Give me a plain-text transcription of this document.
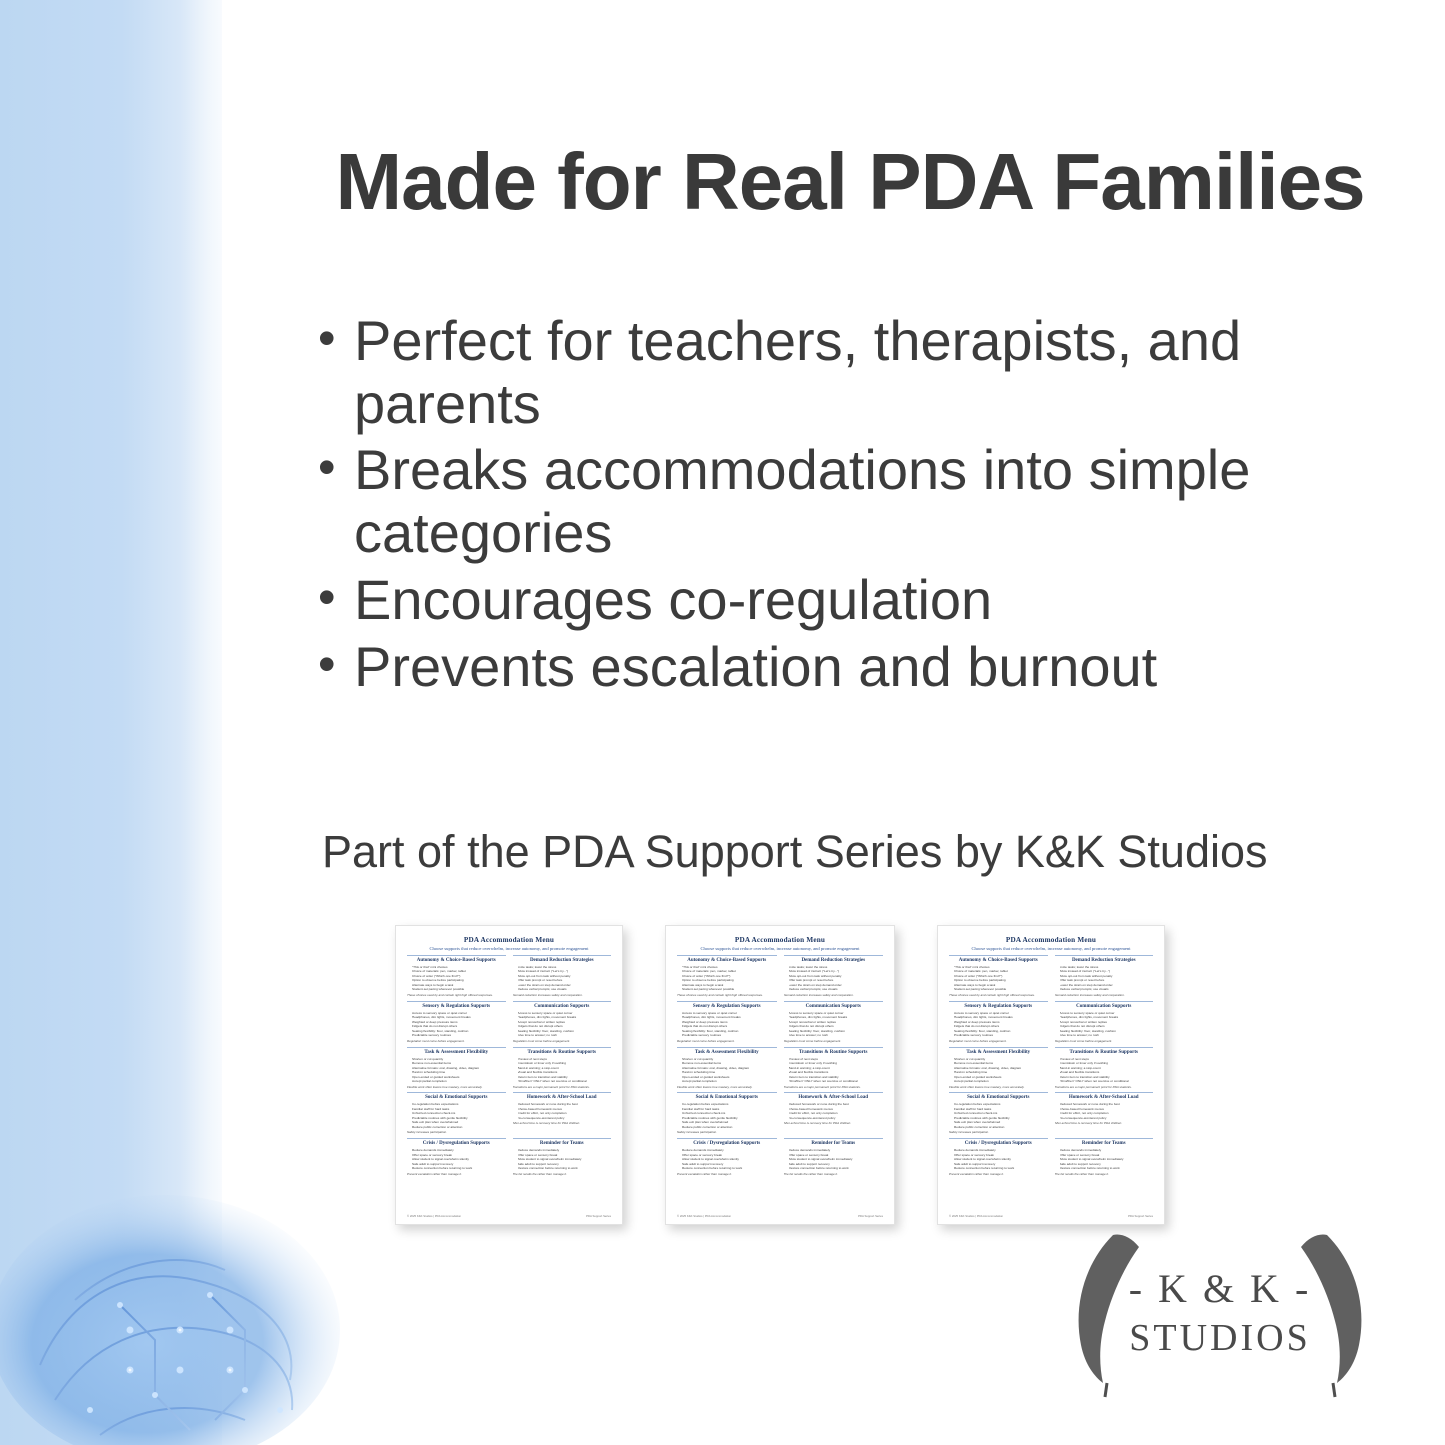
Made for Real PDA Families
• Perfect for teachers, therapists, and parents
• Breaks accommodations into simple categories
• Encourages co-regulation
• Prevents escalation and burnout
Part of the PDA Support Series by K&K Studios
PDA Accommodation Menu
Choose supports that reduce overwhelm, increase autonomy, and promote engagement
Autonomy & Choice-Based Supports
• "This or that" mini choices
• Choice of materials: pen, marker, tablet
• Choice of order ("Which one first?")
• Option to observe before participating
• Alternate ways to begin a task
• Student-set pacing whenever possible
These choices used by and contain right high offered responses.
Demand Reduction Strategies
• Invite tasks; lower the stress
• Allow instead of instruct ("Let's try...")
• Allow opt-out from task without penalty
• Offer task prompt or reset before
• Lower the strain on step demand order
• Reduce verbal prompts; use visuals
Demand reduction increases safety and cooperation.
Sensory & Regulation Supports
• Access to sensory space or quiet corner
• Headphones, dim lights, movement breaks
• Weighted or deep pressure items
• Fidgets that do not disrupt others
• Seating flexibility: floor, standing, cushion
• Predictable sensory routines
Regulation must come before engagement.
Communication Supports
• Access to sensory space or quiet corner
• Headphones, dim lights, movement breaks
• Accept nonverbal or written replies
• Fidgets that do not disrupt others
• Seating flexibility: floor, standing, cushion
• Give time to answer; no rush
Regulation must come before engagement.
Task & Assessment Flexibility
• Shorten or cut quantity
• Remove non-essential items
• Alternative formats: oral, drawing, video, diagram
• Hand-in scheduling time
• Open-ended or guided worksheets
• Accept partial completion
Flexible work often lowers true mastery, more accurately.
Transitions & Routine Supports
• Preview of next steps
• Countdown or timer only if soothing
• Band-in warning; a stop-count
• Visual and flexible transitions
• Return item to transition and stability
• "First/then" ONLY when not coercive or conditional
Transitions are a major permanent point for PDA students.
Social & Emotional Supports
• Co-regulation before expectations
• Familiar staff for hard tasks
• Unhurried connection check-ins
• Predictable routines with gentle flexibility
• Safe exit plan when overwhelmed
• Reduce public correction or attention
Safety increases participation.
Homework & After-School Load
• Reduced homework or none during the best
• Choice-based homework menus
• Credit for effort, not only completion
• No-consequence-at-interest policy
After-school time is recovery time for PDA children.
Crisis / Dysregulation Supports
• Reduce demands immediately
• Offer space or sensory break
• Allow student to signal overwhelm silently
• Safe adult to support recovery
• Restore connection before returning to work
Prevent escalation rather than manage it.
Reminder for Teams
• Reduce demands immediately
• Offer space or sensory break
• Allow student to signal overwhelm immediately
• Safe adult to support recovery
• Restore connection before returning to work
The list recalls the rather than manage it.
© 2025 K&K Studios | PDA Accommodation	PDA Support Series
PDA Accommodation Menu
Choose supports that reduce overwhelm, increase autonomy, and promote engagement
Autonomy & Choice-Based Supports
• "This or that" mini choices
• Choice of materials: pen, marker, tablet
• Choice of order ("Which one first?")
• Option to observe before participating
• Alternate ways to begin a task
• Student-set pacing whenever possible
These choices used by and contain right high offered responses.
Demand Reduction Strategies
• Invite tasks; lower the stress
• Allow instead of instruct ("Let's try...")
• Allow opt-out from task without penalty
• Offer task prompt or reset before
• Lower the strain on step demand order
• Reduce verbal prompts; use visuals
Demand reduction increases safety and cooperation.
Sensory & Regulation Supports
• Access to sensory space or quiet corner
• Headphones, dim lights, movement breaks
• Weighted or deep pressure items
• Fidgets that do not disrupt others
• Seating flexibility: floor, standing, cushion
• Predictable sensory routines
Regulation must come before engagement.
Communication Supports
• Access to sensory space or quiet corner
• Headphones, dim lights, movement breaks
• Accept nonverbal or written replies
• Fidgets that do not disrupt others
• Seating flexibility: floor, standing, cushion
• Give time to answer; no rush
Regulation must come before engagement.
Task & Assessment Flexibility
• Shorten or cut quantity
• Remove non-essential items
• Alternative formats: oral, drawing, video, diagram
• Hand-in scheduling time
• Open-ended or guided worksheets
• Accept partial completion
Flexible work often lowers true mastery, more accurately.
Transitions & Routine Supports
• Preview of next steps
• Countdown or timer only if soothing
• Band-in warning; a stop-count
• Visual and flexible transitions
• Return item to transition and stability
• "First/then" ONLY when not coercive or conditional
Transitions are a major permanent point for PDA students.
Social & Emotional Supports
• Co-regulation before expectations
• Familiar staff for hard tasks
• Unhurried connection check-ins
• Predictable routines with gentle flexibility
• Safe exit plan when overwhelmed
• Reduce public correction or attention
Safety increases participation.
Homework & After-School Load
• Reduced homework or none during the best
• Choice-based homework menus
• Credit for effort, not only completion
• No-consequence-at-interest policy
After-school time is recovery time for PDA children.
Crisis / Dysregulation Supports
• Reduce demands immediately
• Offer space or sensory break
• Allow student to signal overwhelm silently
• Safe adult to support recovery
• Restore connection before returning to work
Prevent escalation rather than manage it.
Reminder for Teams
• Reduce demands immediately
• Offer space or sensory break
• Allow student to signal overwhelm immediately
• Safe adult to support recovery
• Restore connection before returning to work
The list recalls the rather than manage it.
© 2025 K&K Studios | PDA Accommodation	PDA Support Series
PDA Accommodation Menu
Choose supports that reduce overwhelm, increase autonomy, and promote engagement
Autonomy & Choice-Based Supports
• "This or that" mini choices
• Choice of materials: pen, marker, tablet
• Choice of order ("Which one first?")
• Option to observe before participating
• Alternate ways to begin a task
• Student-set pacing whenever possible
These choices used by and contain right high offered responses.
Demand Reduction Strategies
• Invite tasks; lower the stress
• Allow instead of instruct ("Let's try...")
• Allow opt-out from task without penalty
• Offer task prompt or reset before
• Lower the strain on step demand order
• Reduce verbal prompts; use visuals
Demand reduction increases safety and cooperation.
Sensory & Regulation Supports
• Access to sensory space or quiet corner
• Headphones, dim lights, movement breaks
• Weighted or deep pressure items
• Fidgets that do not disrupt others
• Seating flexibility: floor, standing, cushion
• Predictable sensory routines
Regulation must come before engagement.
Communication Supports
• Access to sensory space or quiet corner
• Headphones, dim lights, movement breaks
• Accept nonverbal or written replies
• Fidgets that do not disrupt others
• Seating flexibility: floor, standing, cushion
• Give time to answer; no rush
Regulation must come before engagement.
Task & Assessment Flexibility
• Shorten or cut quantity
• Remove non-essential items
• Alternative formats: oral, drawing, video, diagram
• Hand-in scheduling time
• Open-ended or guided worksheets
• Accept partial completion
Flexible work often lowers true mastery, more accurately.
Transitions & Routine Supports
• Preview of next steps
• Countdown or timer only if soothing
• Band-in warning; a stop-count
• Visual and flexible transitions
• Return item to transition and stability
• "First/then" ONLY when not coercive or conditional
Transitions are a major permanent point for PDA students.
Social & Emotional Supports
• Co-regulation before expectations
• Familiar staff for hard tasks
• Unhurried connection check-ins
• Predictable routines with gentle flexibility
• Safe exit plan when overwhelmed
• Reduce public correction or attention
Safety increases participation.
Homework & After-School Load
• Reduced homework or none during the best
• Choice-based homework menus
• Credit for effort, not only completion
• No-consequence-at-interest policy
After-school time is recovery time for PDA children.
Crisis / Dysregulation Supports
• Reduce demands immediately
• Offer space or sensory break
• Allow student to signal overwhelm silently
• Safe adult to support recovery
• Restore connection before returning to work
Prevent escalation rather than manage it.
Reminder for Teams
• Reduce demands immediately
• Offer space or sensory break
• Allow student to signal overwhelm immediately
• Safe adult to support recovery
• Restore connection before returning to work
The list recalls the rather than manage it.
© 2025 K&K Studios | PDA Accommodation	PDA Support Series
- K & K -
STUDIOS
